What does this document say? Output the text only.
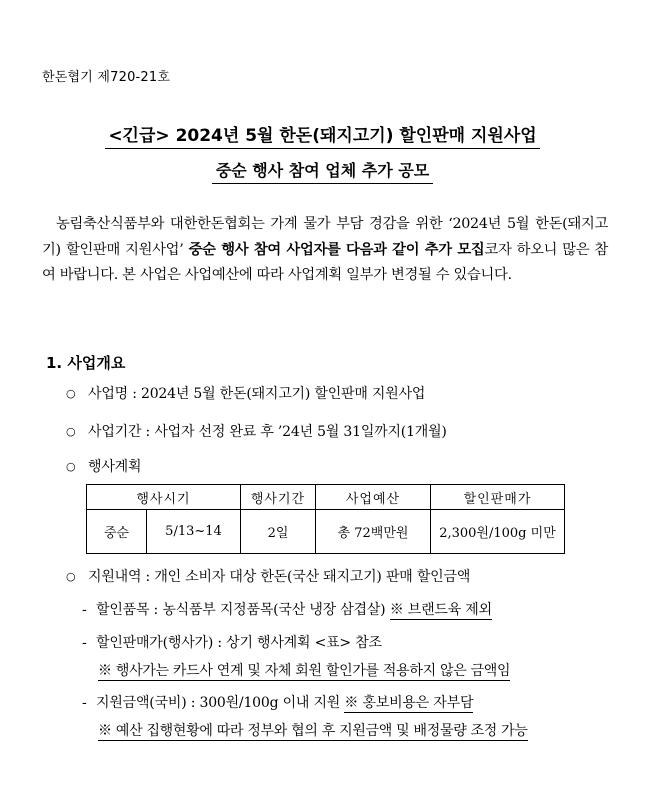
한돈협기 제720-21호
<긴급> 2024년 5월 한돈(돼지고기) 할인판매 지원사업
중순 행사 참여 업체 추가 공모
농림축산식품부와 대한한돈협회는 가계 물가 부담 경감을 위한 ‘2024년 5월 한돈(돼지고기) 할인판매 지원사업’ 중순 행사 참여 사업자를 다음과 같이 추가 모집코자 하오니 많은 참여 바랍니다. 본 사업은 사업예산에 따라 사업계획 일부가 변경될 수 있습니다.
1. 사업개요
○ 사업명 : 2024년 5월 한돈(돼지고기) 할인판매 지원사업
○ 사업기간 : 사업자 선정 완료 후 ’24년 5월 31일까지(1개월)
○ 행사계획
행사시기		행사기간	사업예산	할인판매가
중순	5/13~14	2일	총 72백만원	2,300원/100g 미만
○ 지원내역 : 개인 소비자 대상 한돈(국산 돼지고기) 판매 할인금액
- 할인품목 : 농식품부 지정품목(국산 냉장 삼겹살) ※ 브랜드육 제외
- 할인판매가(행사가) : 상기 행사계획 <표> 참조
※ 행사가는 카드사 연계 및 자체 회원 할인가를 적용하지 않은 금액임
- 지원금액(국비) : 300원/100g 이내 지원 ※ 홍보비용은 자부담
※ 예산 집행현황에 따라 정부와 협의 후 지원금액 및 배정물량 조정 가능
